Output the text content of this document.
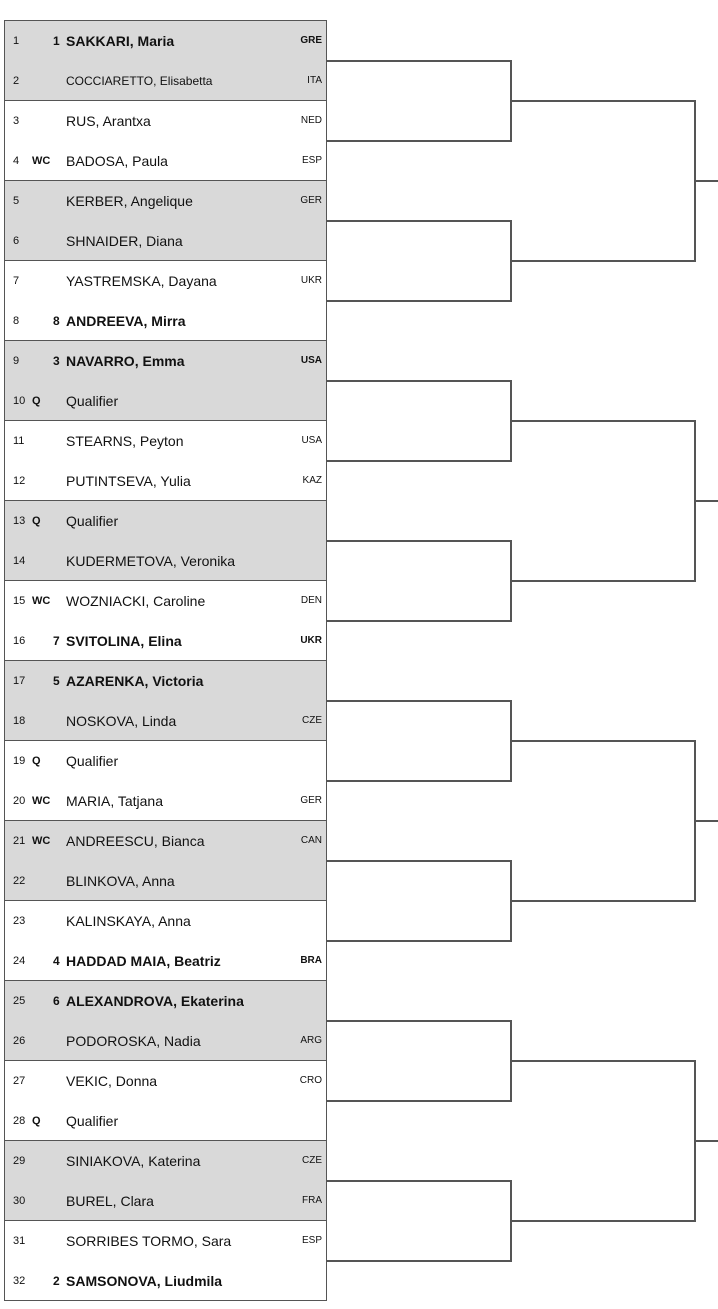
1	1 SAKKARI, Maria	GRE
2	COCCIARETTO, Elisabetta	ITA
3	RUS, Arantxa	NED
4 WC BADOSA, Paula	ESP
5	KERBER, Angelique	GER
6	SHNAIDER, Diana
7	YASTREMSKA, Dayana	UKR
8	8 ANDREEVA, Mirra
9	3 NAVARRO, Emma	USA
10 Q Qualifier
11	STEARNS, Peyton	USA
12	PUTINTSEVA, Yulia	KAZ
13 Q Qualifier
14	KUDERMETOVA, Veronika
15 WC WOZNIACKI, Caroline	DEN
16 7 SVITOLINA, Elina	UKR
17 5 AZARENKA, Victoria
18	NOSKOVA, Linda	CZE
19 Q Qualifier
20 WC MARIA, Tatjana	GER
21 WC ANDREESCU, Bianca	CAN
22	BLINKOVA, Anna
23	KALINSKAYA, Anna
24 4 HADDAD MAIA, Beatriz	BRA
25 6 ALEXANDROVA, Ekaterina
26	PODOROSKA, Nadia	ARG
27	VEKIC, Donna	CRO
28 Q Qualifier
29	SINIAKOVA, Katerina	CZE
30	BUREL, Clara	FRA
31	SORRIBES TORMO, Sara	ESP
32 2 SAMSONOVA, Liudmila
